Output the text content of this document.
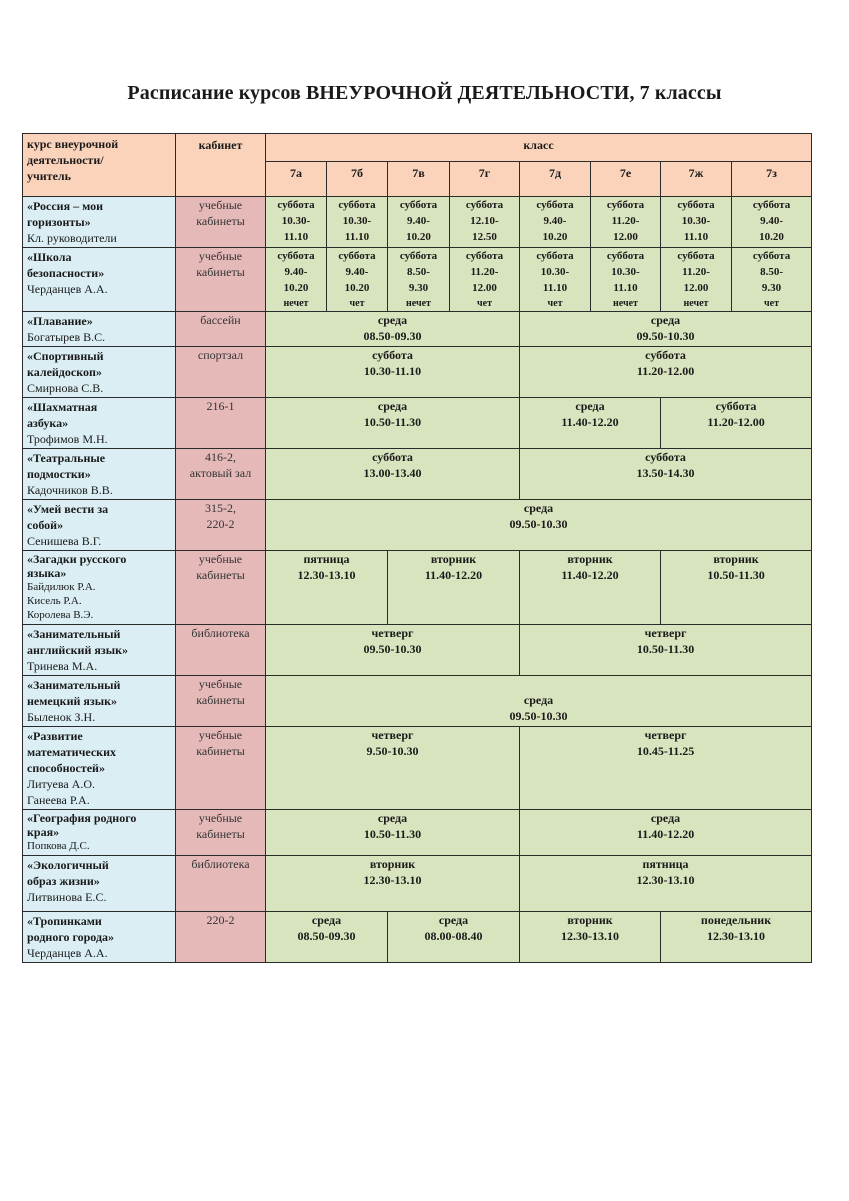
Расписание курсов ВНЕУРОЧНОЙ ДЕЯТЕЛЬНОСТИ, 7 классы
курс внеурочной
деятельности/
учитель	кабинет	класс							
		7а	7б	7в	7г	7д	7е	7ж	7з

«Россия – мои
горизонты»
Кл. руководители	учебные
кабинеты	суббота
10.30-
11.10	суббота
10.30-
11.10	суббота
9.40-
10.20	суббота
12.10-
12.50	суббота
9.40-
10.20	суббота
11.20-
12.00	суббота
10.30-
11.10	суббота
9.40-
10.20

«Школа
безопасности»
Черданцев А.А.	учебные
кабинеты	суббота
9.40-
10.20
нечет	суббота
9.40-
10.20
чет	суббота
8.50-
9.30
нечет	суббота
11.20-
12.00
чет	суббота
10.30-
11.10
чет	суббота
10.30-
11.10
нечет	суббота
11.20-
12.00
нечет	суббота
8.50-
9.30
чет

«Плавание»
Богатырев В.С.	бассейн	среда
08.50-09.30				среда
09.50-10.30			

«Спортивный
калейдоскоп»
Смирнова С.В.	спортзал	суббота
10.30-11.10				суббота
11.20-12.00			

«Шахматная
азбука»
Трофимов М.Н.	216-1	среда
10.50-11.30				среда
11.40-12.20		суббота
11.20-12.00	

«Театральные
подмостки»
Кадочников В.В.	416-2,
актовый зал	суббота
13.00-13.40				суббота
13.50-14.30			

«Умей вести за
собой»
Сенишева В.Г.	315-2,
220-2	среда
09.50-10.30							

«Загадки русского
языка»
Байдилюк Р.А.
Кисель Р.А.
Королева В.Э.	учебные
кабинеты	пятница
12.30-13.10		вторник
11.40-12.20		вторник
11.40-12.20		вторник
10.50-11.30	

«Занимательный
английский язык»
Тринева М.А.	библиотека	четверг
09.50-10.30				четверг
10.50-11.30			

«Занимательный
немецкий язык»
Быленок З.Н.	учебные
кабинеты	среда
09.50-10.30							

«Развитие
математических
способностей»
Литуева А.О.
Ганеева Р.А.	учебные
кабинеты	четверг
9.50-10.30				четверг
10.45-11.25			

«География родного
края»
Попкова Д.С.	учебные
кабинеты	среда
10.50-11.30				среда
11.40-12.20			

«Экологичный
образ жизни»
Литвинова Е.С.	библиотека	вторник
12.30-13.10				пятница
12.30-13.10			

«Тропинками
родного города»
Черданцев А.А.	220-2	среда
08.50-09.30		среда
08.00-08.40		вторник
12.30-13.10		понедельник
12.30-13.10	
